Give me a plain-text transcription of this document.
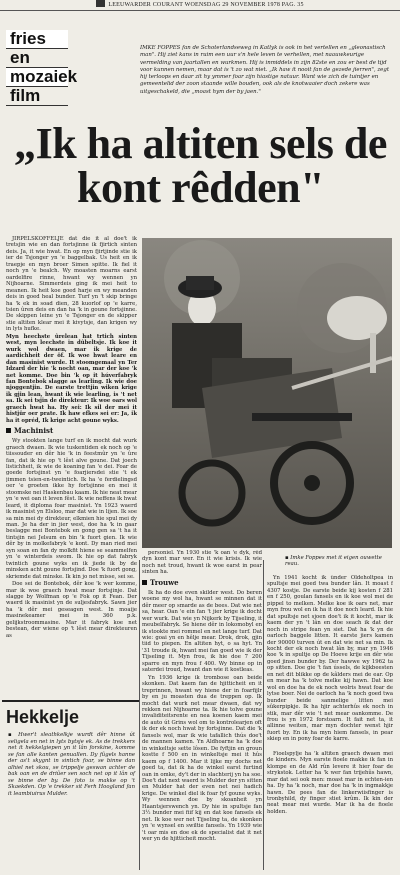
LEEUWARDER COURANT WOENSDAG 29 NOVEMBER 1978 PAG. 35
fries
en
mozaiek
film
IMKE FOPPES fan de Schoterlandseweg in Katlyk is ook in het vertellen en „gleonastisch man". Hij ziet kans in ruim een uur s'n hele leven te verhellen, met naauwkeurige vermelding van jaartallen en wurkmen. Hij is inmiddels in zijn 82ste en zou er best de tijd voor kunnen nemen, maar dat is 't zo wat niet. „Ik haw it nooit fan de gezede jierren", zegt hij terloops en daar zit hy ymmer foar zijn hiastige natuur. Want wie zich de tuintjer en gemeentelid der zoon staande wille bouden, ook als de knotwaaier doch zekere was uitgeschakeld, die „moast hym der by jaen."
„Ik ha altiten sels de kont rêdden"

JIRPELSKOFFELJE dat die it al doe't ik tretsjin wie en dan fortsjinne ik fjirtich sinten deis. Ja, it wie hwat. En op myn fjirtjinde stie ik ier de Tsjonger yn 'e baggelbak. Us heit en ik traepje en myn broer Simen spitte. Ik fiel it noch yn 'e bealch. Wy moasten moarns earst oardelfire rinne, hwant wy wennen yn Nijhoarne. Simmerdeis ging ik mei heit to meanen. Ik heit koe goed harje en wy meanden deis in goed heal bunder. Turf yn 't skip bringe ha 'k ek in soad dien, 28 kuorlof op 'e karre, tsien ûren deis en dan ha 'k in goune fortsjinne. De skippen leine yn 'e Tsjonger en de skipper stie altiten klear mei it kivytsje, dan krigen wy in lyts hufke.

Myn heechste ûrelean hat trtich sinten west, myn leechste in dûbeltsje. Ik koe it wurk wol dwaen, mar ik krige de aardichheit der ôf. Ik woe hwat leare en dan masinist wurde. It stoomgemaal yn Ter Idzard der hie 'k nocht oan, mar der koe 'k net komme. Doe bin 'k op it húverfabryk fan Bontebok slagge as learling. Ik wie doe njoggentjin. De earste trettjin wiken krige ik gjin lean, hwant ik wie learling, is 't net sa. Ik sei tsjin de direkteur: Ik woe oars wol graech hwat ha. Hy sei: Ik sil der mei it histjûr oer prate. Ik haw efkes sei er: Ja, ik ha it opréd, Ik krige acht goune wyks.

Machinist

Wy stookten lange turf en ik mocht dat wurk graech dwaen. Ik wie tuskentiden ek noch op 'e tiissouder en dêr hie 'k in feestmûr yn 'e ûre fan, dat ik hie op 't lêst alve goune. Dat joech listichheit, ik wie de koaning fan 'e dei. Foar de goede fortsjinst yn 'e foarjiersdei stie 't ek jimmen tsien-en-tweintich. Ik ha 'e ferdielingsd oer 'e groeten ikke hy fortsjinne en mei it stoomske nei Haskenbau kaam. Ik hie neat mear yn 'e wei oan it leven fêst. Ik wie neffens ik hwat leard, it diploma foar masinist. Yn 1923 waerd ik masinist yn Elsloo, mar dat wie in lijen. Ik soe sa min mei dy direkteur, elkmien hie spul mei dy man. Je ha der in jier west, doe ha 'k in gaar beslagge mei Bontebok en gong gen sa 't ha it tintsjin nei Jelsum en bin 'k fuort gien. Ik wie dêr by in molkefabryk 'e kont. Dy man ried mei syn soan en fan dy molkfit hiene se seammelfen yn 'e winterdeis swom. Ik hie op dat fabryk twintich goune wyks en ik jiede ik by de minsken acht goune fortsjind. Doe 'k fuort gong, skriemde dat minske. Ik kin jo net misse, sei se.

Doe sei de Bontebok, dêr koe 'k wer komme, mar ik woe graech hwat mear fortsjinje. Dat slagge by Wolfman op 'e Fok op it Fean. Der waerd ik masinist yn de suljesfabryk. Sawn jier ha 'k dêr mei geseagen west. In moaije masinekeamer mei in 360 p.k. gelijkstroommasine. Mar it fabryk koe net bestean, der wiene op 't lêst mear direkteuren as

▪ Imke Foppes met it eigen ouwette reau.

personiel. Yn 1930 stie 'k oan 'e dyk, rêd dyn kont mar wer. En it wie krisis. Ik wie noch net troud, hwant ik woe earst in pear sinten ha.

Trouwe

Ik ha do doe even skilder west. Do beren woene my wol ha, hwant se minnen dat it dêr meer op smarde as de bees. Dat wie net sa, hear. Oan 'e ein fan 't jier krige ik docht wer wurk. Dat wie yn Nijkerk by Tijseling, it meubelfabryk. Se hiene dêr in lokomobyl en ik stookte mei rommel en net lange turf. Dat wie: goai yn en hêlje mear. Drok, drok, gjin tiid to piepen. En altiten hyt, o sa hyt. Yn '31 troude ik, hwant mei fan goed wie ik der Tijseling it. Myn frou, ik hie doe 7 200 sparre en myn frou f 400. Wy binne op in saterdei troud, hwant dan wie it kostleas.

Yn 1936 krige ik trombose oan beide skonken. Dat kaem fan de hjitticheit en it treprinnen, hwant wy hiene der in foarfijlr by en ju moasten dua de treppen op. Ik mocht dat wurk net mear dwaen, dat wy rekken nei Nijhoarne ta. Ik hie tolve goune invaliditeitsrente en nea koenen kaem mei de auto út Grins wol om to kontrolearjen oft ik der ek noch hwat by fortsjinne. Dat die 'k fansels wol, mar ik wie tafallich thús doe't de mannen kamen. Yn Aldhoarne ha 'k doe in winkeltsje sette lôsen. De fyftjin en groun kostte f 500 en in winkeltsje mei it hûs kaem op f 1400. Mar it lijke my dochs net goed ta, dat ik ha de winkel earst furtind oan in omke, dy't der in slachterij yn ha soe. Doe't dat next waerd is Mulder der yn sitten en Mulder hat der even net nei hadich krige. De winkel diel ik foar fyf goune wyks. Wy wennen doe by skoanheit yn Haantsjerswench yn. Dy hie in spultsje fan 3½ bunder mei fiif kij en dat koe fansels ek net. Ik koe wer net Tijseling ta, de skonken yn 'e wynsel en swiltie fansels. Yn 1939 wie 't oar mis en doe ek de specialist dat it net wer yn de hjitticheit mocht.

Yn 1941 kocht ik ûnder Oldeholtpea in spultsje mei goed twa bunder lân. It moast f 4307 kostje. De earste beide kij kosten f 281 en f 250, goulan fansels en ik koe wol mei de pippel to melken. Melke koe ik oars net, mar myn frou wol en ik ha it doe noch leard. Ik hie dat spultsje net sjoen doe't ik it kocht, mar ik kaem der yn 't lân en doe seach ik dat der noch in stripe fean yn siet. Dat ha 'k yn de oarloch baggele litten. It earste jiers kamen der 90000 turven út en dat wie net sa min. Ik kocht der ek noch hwat lân by, mar yn 1946 koe 'k in spultje op De Hoeve krije en dêr wie goed jinsn bunder by. Der hawwe wy 1962 ta op sitten. Doe gie 't fan ússels, de kijkbeesten en net dit blikke op de kâlders mei de ear. Op en mear ha 'k tolve melke kij hawn. Dat koe wol en doe ha de ek noch wolris hwat foar de lytse boer. Nei de oarloch ha 'k noch goed twa bunder beide sanmelige litten mei sûkerpipkje. Ik ha hjir achterhûs ek noch in stik, mar dêr wie 't net mear oankomme. De frou is yn 1972 forstoarn. It fait net ta, it allinne weiten, mar myn dochter wenst hjir fuort by. En ik ha myn hiem fansels, in pear skiep en in pony foar de karre.

Fioelspylje ha 'k altiten graech dwaen mei de kinders. Myn earste fioele makke ik fan in klompe en de Ald rûn levere it hier foar de strykstok. Letter ha 'k wer fan trijehûs hawn, mar dat sei ook men: moast mar in echten-ien ha. Dy ha 'k noch, mar doe ha 'k in ingmakkje hawn. De pees fan de linkerwiisfinger is tronbyhild, dy finger stiet krûm. Ik kin der neat mear mei wurde. Mar ik ha de fioele holden.

Hekkelje
▪ Hwer't sleathkelkje wurdt dêr hinne út seligela en net in lyts bytsje ek. As de trekkers net it hekkelgiepen yn it lân forskine, komme se fan alle kanten genuallen. Dy fûgels hanne der as't skygnt in sintich foar, se binne dan alhiel net skou, se trippelje geswan achter de bak oan en de driûer sen soch net op it lân of se binne der by. De foto is makke op 't Skaekden. Op 'e trekker sit Ferh Hoogland fan it leambiuirus Mulder.
